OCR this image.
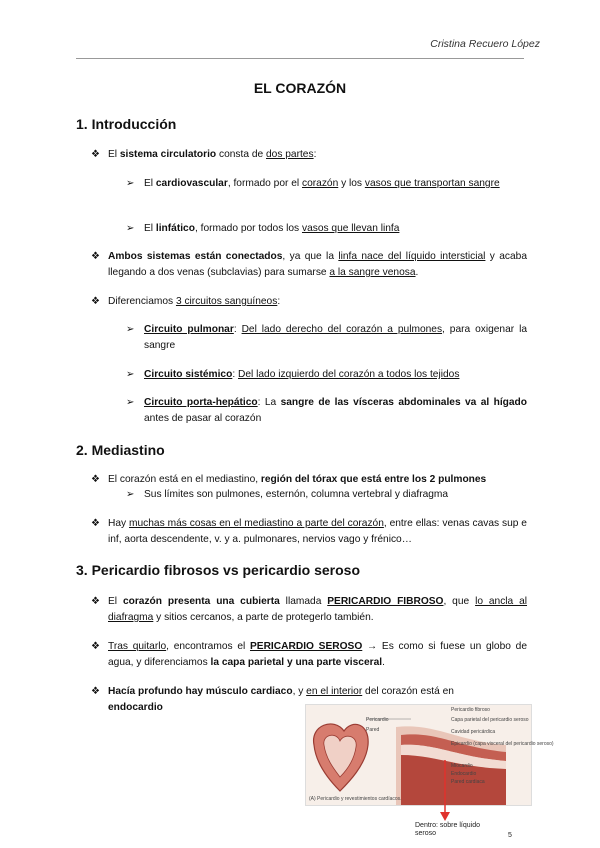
Cristina Recuero López
EL CORAZÓN
1. Introducción
❖ El sistema circulatorio consta de dos partes:
➢ El cardiovascular, formado por el corazón y los vasos que transportan sangre
➢ El linfático, formado por todos los vasos que llevan linfa
❖ Ambos sistemas están conectados, ya que la linfa nace del líquido intersticial y acaba llegando a dos venas (subclavias) para sumarse a la sangre venosa.
❖ Diferenciamos 3 circuitos sanguíneos:
➢ Circuito pulmonar: Del lado derecho del corazón a pulmones, para oxigenar la sangre
➢ Circuito sistémico: Del lado izquierdo del corazón a todos los tejidos
➢ Circuito porta-hepático: La sangre de las vísceras abdominales va al hígado antes de pasar al corazón
2. Mediastino
❖ El corazón está en el mediastino, región del tórax que está entre los 2 pulmones
➢ Sus límites son pulmones, esternón, columna vertebral y diafragma
❖ Hay muchas más cosas en el mediastino a parte del corazón, entre ellas: venas cavas sup e inf, aorta descendente, v. y a. pulmonares, nervios vago y frénico…
3. Pericardio fibrosos vs pericardio seroso
❖ El corazón presenta una cubierta llamada PERICARDIO FIBROSO, que lo ancla al diafragma y sitios cercanos, a parte de protegerlo también.
❖ Tras quitarlo, encontramos el PERICARDIO SEROSO → Es como si fuese un globo de agua, y diferenciamos la capa parietal y una parte visceral.
❖ Hacía profundo hay músculo cardiaco, y en el interior del corazón está en
endocardio
Pericardio
Pared
Pericardio fibroso
Capa parietal del pericardio seroso
Cavidad pericárdica
Epicardio (capa visceral del pericardio seroso)
Miocardio
Endocardio
Pared cardiaca
(A) Pericardio y revestimientos cardíacos.
Dentro: sobre líquido
seroso	5
